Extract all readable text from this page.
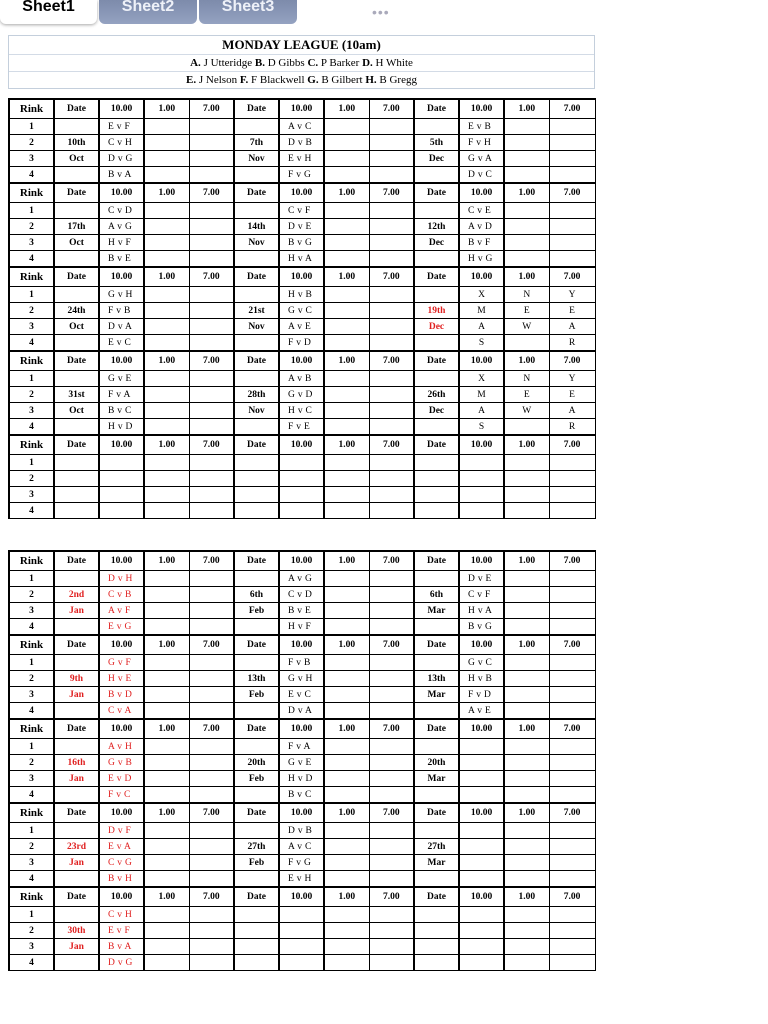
Sheet1	Sheet2	Sheet3	•••
MONDAY LEAGUE (10am)
A. J Utteridge B. D Gibbs C. P Barker D. H White
E. J Nelson F. F Blackwell G. B Gilbert H. B Gregg
Rink	Date	10.00	1.00	7.00	Date	10.00	1.00	7.00	Date	10.00	1.00	7.00
1		E v F				A v C				E v B		
2	10th	C v H			7th	D v B			5th	F v H		
3	Oct	D v G			Nov	E v H			Dec	G v A		
4		B v A				F v G				D v C		
Rink	Date	10.00	1.00	7.00	Date	10.00	1.00	7.00	Date	10.00	1.00	7.00
1		C v D				C v F				C v E		
2	17th	A v G			14th	D v E			12th	A v D		
3	Oct	H v F			Nov	B v G			Dec	B v F		
4		B v E				H v A				H v G		
Rink	Date	10.00	1.00	7.00	Date	10.00	1.00	7.00	Date	10.00	1.00	7.00
1		G v H				H v B				X	N	Y
2	24th	F v B			21st	G v C			19th	M	E	E
3	Oct	D v A			Nov	A v E			Dec	A	W	A
4		E v C				F v D				S		R
Rink	Date	10.00	1.00	7.00	Date	10.00	1.00	7.00	Date	10.00	1.00	7.00
1		G v E				A v B				X	N	Y
2	31st	F v A			28th	G v D			26th	M	E	E
3	Oct	B v C			Nov	H v C			Dec	A	W	A
4		H v D				F v E				S		R
Rink	Date	10.00	1.00	7.00	Date	10.00	1.00	7.00	Date	10.00	1.00	7.00
1												
2												
3												
4												
Rink	Date	10.00	1.00	7.00	Date	10.00	1.00	7.00	Date	10.00	1.00	7.00
1		D v H				A v G				D v E		
2	2nd	C v B			6th	C v D			6th	C v F		
3	Jan	A v F			Feb	B v E			Mar	H v A		
4		E v G				H v F				B v G		
Rink	Date	10.00	1.00	7.00	Date	10.00	1.00	7.00	Date	10.00	1.00	7.00
1		G v F				F v B				G v C		
2	9th	H v E			13th	G v H			13th	H v B		
3	Jan	B v D			Feb	E v C			Mar	F v D		
4		C v A				D v A				A v E		
Rink	Date	10.00	1.00	7.00	Date	10.00	1.00	7.00	Date	10.00	1.00	7.00
1		A v H				F v A						
2	16th	G v B			20th	G v E			20th			
3	Jan	E v D			Feb	H v D			Mar			
4		F v C				B v C						
Rink	Date	10.00	1.00	7.00	Date	10.00	1.00	7.00	Date	10.00	1.00	7.00
1		D v F				D v B						
2	23rd	E v A			27th	A v C			27th			
3	Jan	C v G			Feb	F v G			Mar			
4		B v H				E v H						
Rink	Date	10.00	1.00	7.00	Date	10.00	1.00	7.00	Date	10.00	1.00	7.00
1		C v H										
2	30th	E v F										
3	Jan	B v A										
4		D v G										
